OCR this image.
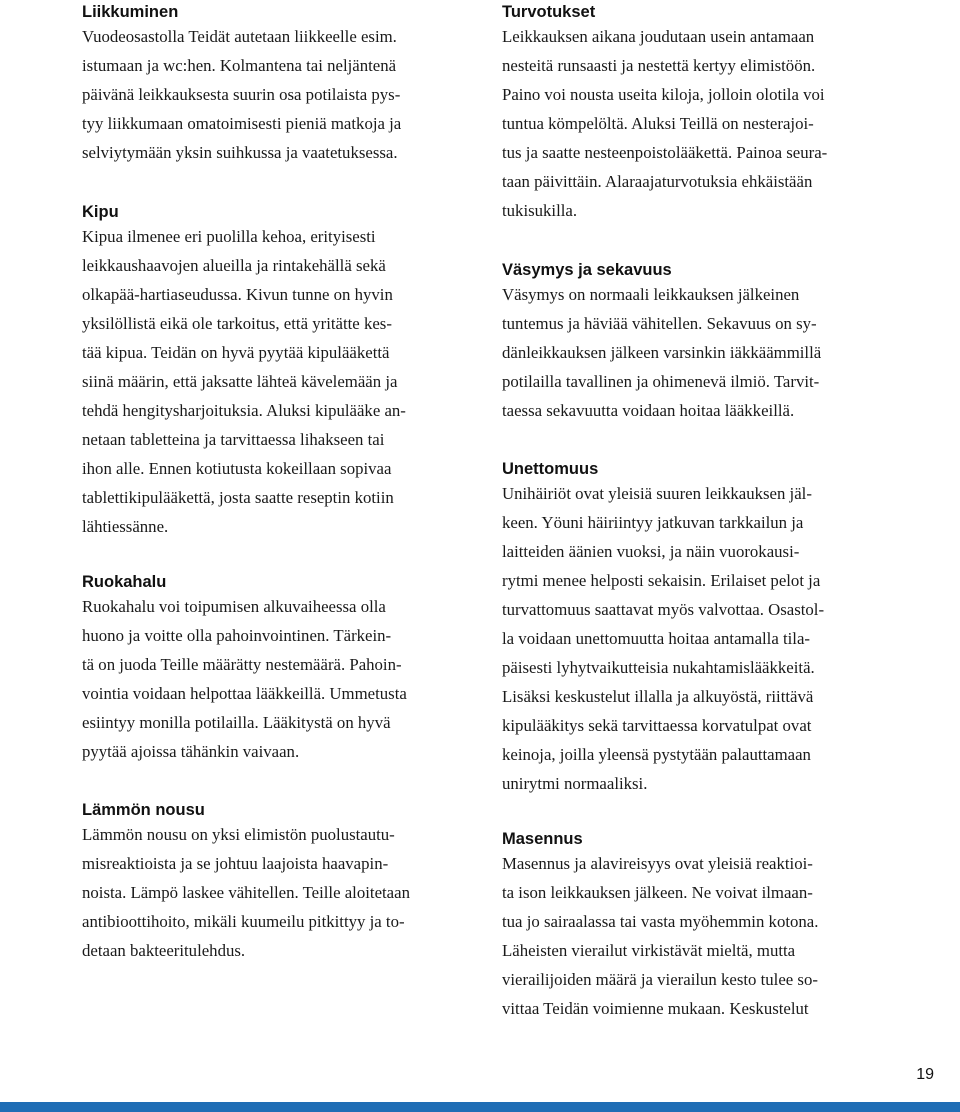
Liikkuminen
Vuodeosastolla Teidät autetaan liikkeelle esim.
istumaan ja wc:hen. Kolmantena tai neljäntenä
päivänä leikkauksesta suurin osa potilaista pys-
tyy liikkumaan omatoimisesti pieniä matkoja ja
selviytymään yksin suihkussa ja vaatetuksessa.
Kipu
Kipua ilmenee eri puolilla kehoa, erityisesti
leikkaushaavojen alueilla ja rintakehällä sekä
olkapää-hartiaseudussa. Kivun tunne on hyvin
yksilöllistä eikä ole tarkoitus, että yritätte kes-
tää kipua. Teidän on hyvä pyytää kipulääkettä
siinä määrin, että jaksatte lähteä kävelemään ja
tehdä hengitysharjoituksia. Aluksi kipulääke an-
netaan tabletteina ja tarvittaessa lihakseen tai
ihon alle. Ennen kotiutusta kokeillaan sopivaa
tablettikipulääkettä, josta saatte reseptin kotiin
lähtiessänne.
Ruokahalu
Ruokahalu voi toipumisen alkuvaiheessa olla
huono ja voitte olla pahoinvointinen. Tärkein-
tä on juoda Teille määrätty nestemäärä. Pahoin-
vointia voidaan helpottaa lääkkeillä. Ummetusta
esiintyy monilla potilailla. Lääkitystä on hyvä
pyytää ajoissa tähänkin vaivaan.
Lämmön nousu
Lämmön nousu on yksi elimistön puolustautu-
misreaktioista ja se johtuu laajoista haavapin-
noista. Lämpö laskee vähitellen. Teille aloitetaan
antibioottihoito, mikäli kuumeilu pitkittyy ja to-
detaan bakteeritulehdus.
Turvotukset
Leikkauksen aikana joudutaan usein antamaan
nesteitä runsaasti ja nestettä kertyy elimistöön.
Paino voi nousta useita kiloja, jolloin olotila voi
tuntua kömpelöltä. Aluksi Teillä on nesterajoi-
tus ja saatte nesteenpoistolääkettä. Painoa seura-
taan päivittäin. Alaraajaturvotuksia ehkäistään
tukisukilla.
Väsymys ja sekavuus
Väsymys on normaali leikkauksen jälkeinen
tuntemus ja häviää vähitellen. Sekavuus on sy-
dänleikkauksen jälkeen varsinkin iäkkäämmillä
potilailla tavallinen ja ohimenevä ilmiö. Tarvit-
taessa sekavuutta voidaan hoitaa lääkkeillä.
Unettomuus
Unihäiriöt ovat yleisiä suuren leikkauksen jäl-
keen. Yöuni häiriintyy jatkuvan tarkkailun ja
laitteiden äänien vuoksi, ja näin vuorokausi-
rytmi menee helposti sekaisin. Erilaiset pelot ja
turvattomuus saattavat myös valvottaa. Osastol-
la voidaan unettomuutta hoitaa antamalla tila-
päisesti lyhytvaikutteisia nukahtamislääkkeitä.
Lisäksi keskustelut illalla ja alkuyöstä, riittävä
kipulääkitys sekä tarvittaessa korvatulpat ovat
keinoja, joilla yleensä pystytään palauttamaan
unirytmi normaaliksi.
Masennus
Masennus ja alavireisyys ovat yleisiä reaktioi-
ta ison leikkauksen jälkeen. Ne voivat ilmaan-
tua jo sairaalassa tai vasta myöhemmin kotona.
Läheisten vierailut virkistävät mieltä, mutta
vierailijoiden määrä ja vierailun kesto tulee so-
vittaa Teidän voimienne mukaan. Keskustelut
19
